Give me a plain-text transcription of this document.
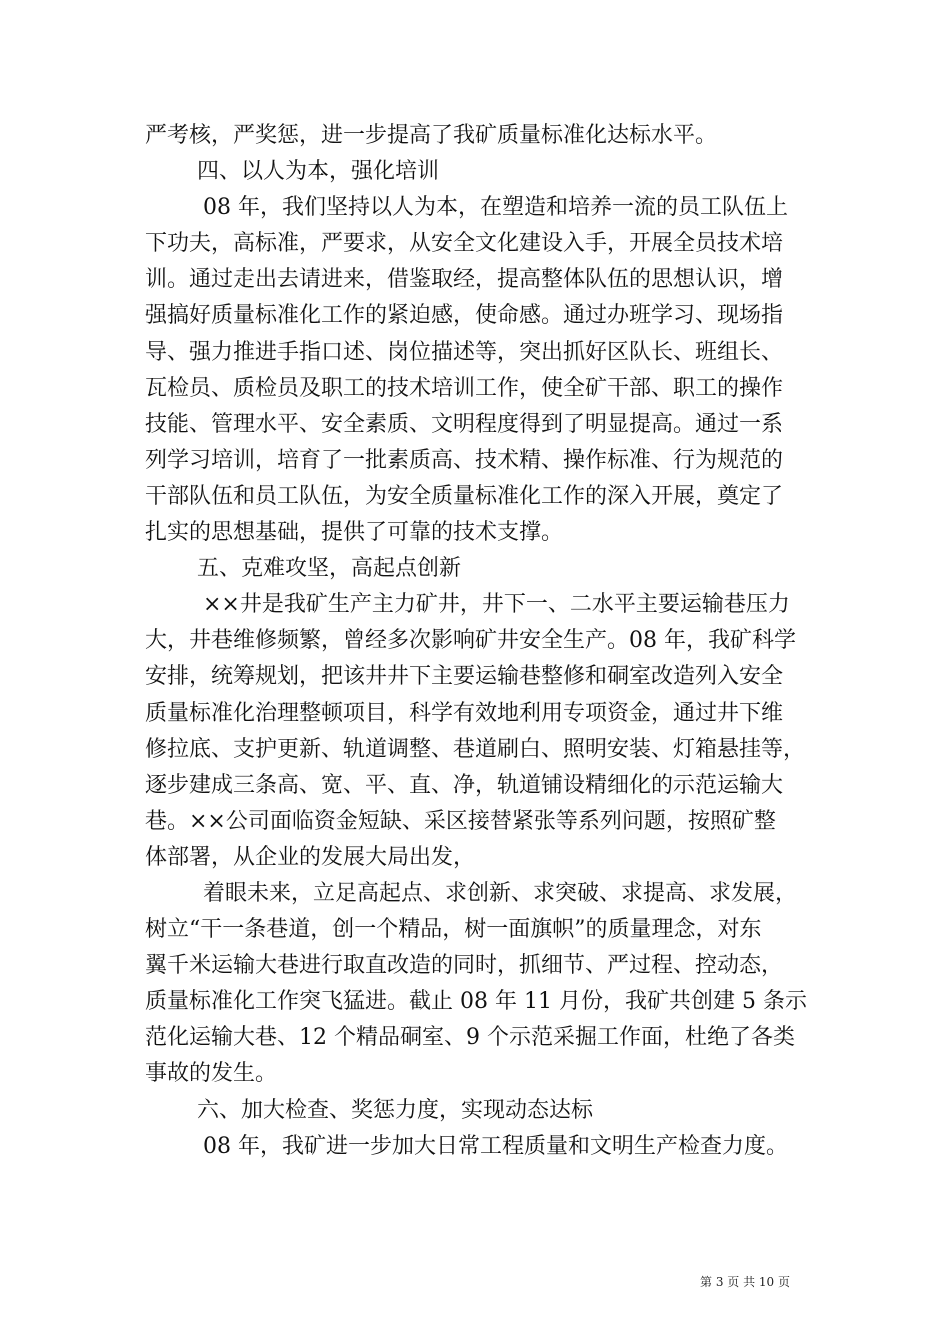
严考核，严奖惩，进一步提高了我矿质量标准化达标水平。

四、以人为本，强化培训

08 年，我们坚持以人为本，在塑造和培养一流的员工队伍上

下功夫，高标准，严要求，从安全文化建设入手，开展全员技术培

训。通过走出去请进来，借鉴取经，提高整体队伍的思想认识，增

强搞好质量标准化工作的紧迫感，使命感。通过办班学习、现场指

导、强力推进手指口述、岗位描述等，突出抓好区队长、班组长、

瓦检员、质检员及职工的技术培训工作，使全矿干部、职工的操作

技能、管理水平、安全素质、文明程度得到了明显提高。通过一系

列学习培训，培育了一批素质高、技术精、操作标准、行为规范的

干部队伍和员工队伍，为安全质量标准化工作的深入开展，奠定了

扎实的思想基础，提供了可靠的技术支撑。

五、克难攻坚，高起点创新

××井是我矿生产主力矿井，井下一、二水平主要运输巷压力

大，井巷维修频繁，曾经多次影响矿井安全生产。08 年，我矿科学

安排，统筹规划，把该井井下主要运输巷整修和硐室改造列入安全

质量标准化治理整顿项目，科学有效地利用专项资金，通过井下维

修拉底、支护更新、轨道调整、巷道刷白、照明安装、灯箱悬挂等，

逐步建成三条高、宽、平、直、净，轨道铺设精细化的示范运输大

巷。××公司面临资金短缺、采区接替紧张等系列问题，按照矿整

体部署，从企业的发展大局出发，

着眼未来，立足高起点、求创新、求突破、求提高、求发展，

树立“干一条巷道，创一个精品，树一面旗帜”的质量理念，对东

翼千米运输大巷进行取直改造的同时，抓细节、严过程、控动态，

质量标准化工作突飞猛进。截止 08 年 11 月份，我矿共创建 5 条示

范化运输大巷、12 个精品硐室、9 个示范采掘工作面，杜绝了各类

事故的发生。

六、加大检查、奖惩力度，实现动态达标

08 年，我矿进一步加大日常工程质量和文明生产检查力度。

第 3 页 共 10 页
